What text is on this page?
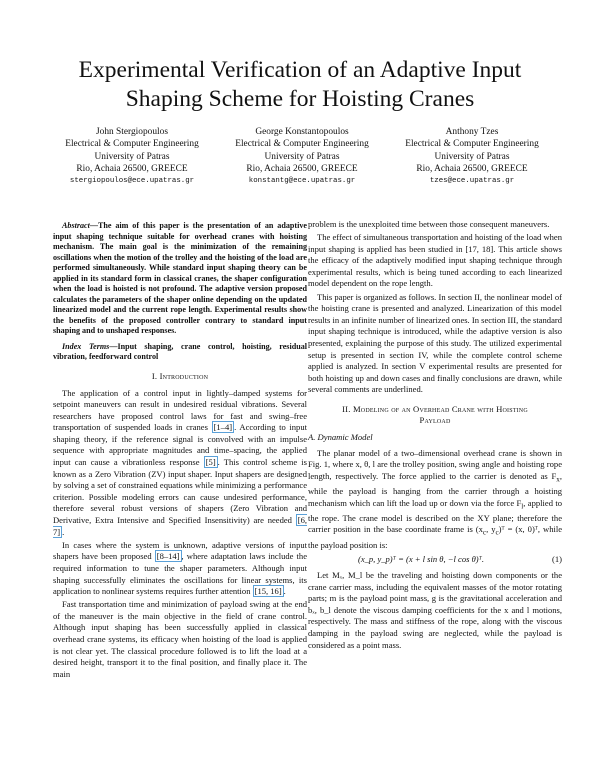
Experimental Verification of an Adaptive Input Shaping Scheme for Hoisting Cranes
John Stergiopoulos
Electrical & Computer Engineering
University of Patras
Rio, Achaia 26500, GREECE
stergiopoulos@ece.upatras.gr
George Konstantopoulos
Electrical & Computer Engineering
University of Patras
Rio, Achaia 26500, GREECE
konstantg@ece.upatras.gr
Anthony Tzes
Electrical & Computer Engineering
University of Patras
Rio, Achaia 26500, GREECE
tzes@ece.upatras.gr

Abstract—The aim of this paper is the presentation of an adaptive input shaping technique suitable for overhead cranes with hoisting mechanism. The main goal is the minimization of the remaining oscillations when the motion of the trolley and the hoisting of the load are performed simultaneously. While standard input shaping theory can be applied in its standard form in classical cranes, the shaper configuration when the load is hoisted is not profound. The adaptive version proposed calculates the parameters of the shaper online depending on the updated linearized model and the current rope length. Experimental results show the benefits of the proposed controller contrary to standard input shaping and to unshaped responses.

Index Terms—Input shaping, crane control, hoisting, residual vibration, feedforward control

I. Introduction

The application of a control input in lightly–damped systems for setpoint maneuvers can result in undesired residual vibrations. Several researchers have proposed control laws for fast and swing–free transportation of suspended loads in cranes [1–4] . According to input shaping theory, if the reference signal is convolved with an impulse sequence with appropriate magnitudes and time–spacing, the applied input can cause a vibrationless response [5] . This control scheme is known as a Zero Vibration (ZV) input shaper. Input shapers are designed by solving a set of constrained equations while minimizing a performance criterion. Possible modeling errors can cause undesired performance, therefore several robust versions of shapers (Zero Vibration and Derivative, Extra Intensive and Specified Insensitivity) are needed [6, 7] .

In cases where the system is unknown, adaptive versions of input shapers have been proposed [8–14] , where adaptation laws include the required information to tune the shaper parameters. Although input shaping successfully eliminates the oscillations for linear systems, its application to nonlinear systems requires further attention [15, 16] .

Fast transportation time and minimization of payload swing at the end of the maneuver is the main objective in the field of crane control. Although input shaping has been successfully applied in classical overhead crane systems, its efficacy when hoisting of the load is applied is not clear yet. The classical procedure followed is to lift the load at a desired height, transport it to the final position, and finally place it. The main

problem is the unexploited time between those consequent maneuvers.

The effect of simultaneous transportation and hoisting of the load when input shaping is applied has been studied in [17, 18]. This article shows the efficacy of the adaptively modified input shaping technique through experimental results, which is being tuned according to each linearized model dependent on the rope length.

This paper is organized as follows. In section II, the nonlinear model of the hoisting crane is presented and analyzed. Linearization of this model results in an infinite number of linearized ones. In section III, the standard input shaping technique is introduced, while the adaptive version is also presented, explaining the purpose of this study. The utilized experimental setup is presented in section IV, while the complete control scheme applied is analyzed. In section V experimental results are presented for both hoisting up and down cases and finally conclusions are drawn, while several comments are underlined.

II. Modeling of an Overhead Crane with Hoisting
Payload
A. Dynamic Model

The planar model of a two–dimensional overhead crane is shown in Fig. 1, where x, θ, l are the trolley position, swing angle and hoisting rope length, respectively. The force applied to the carrier is denoted as $F_x$, while the payload is hanging from the carrier through a hoisting mechanism which can lift the load up or down via the force $F_l$, applied to the rope. The crane model is described on the XY plane; therefore the carrier position in the base coordinate frame is ($x_c$, $y_c)ᵀ = (x$, 0)ᵀ, while the payload position is:

(x_p, y_p)ᵀ = (x + l sin θ, −l cos θ)ᵀ.	(1)

Let Mₓ, M_l be the traveling and hoisting down components or the crane carrier mass, including the equivalent masses of the motor rotating parts; m is the payload point mass, g is the gravitational acceleration and bₓ, b_l denote the viscous damping coefficients for the x and l motions, respectively. The mass and stiffness of the rope, along with the viscous damping in the payload swing are neglected, while the payload is considered as a point mass.
